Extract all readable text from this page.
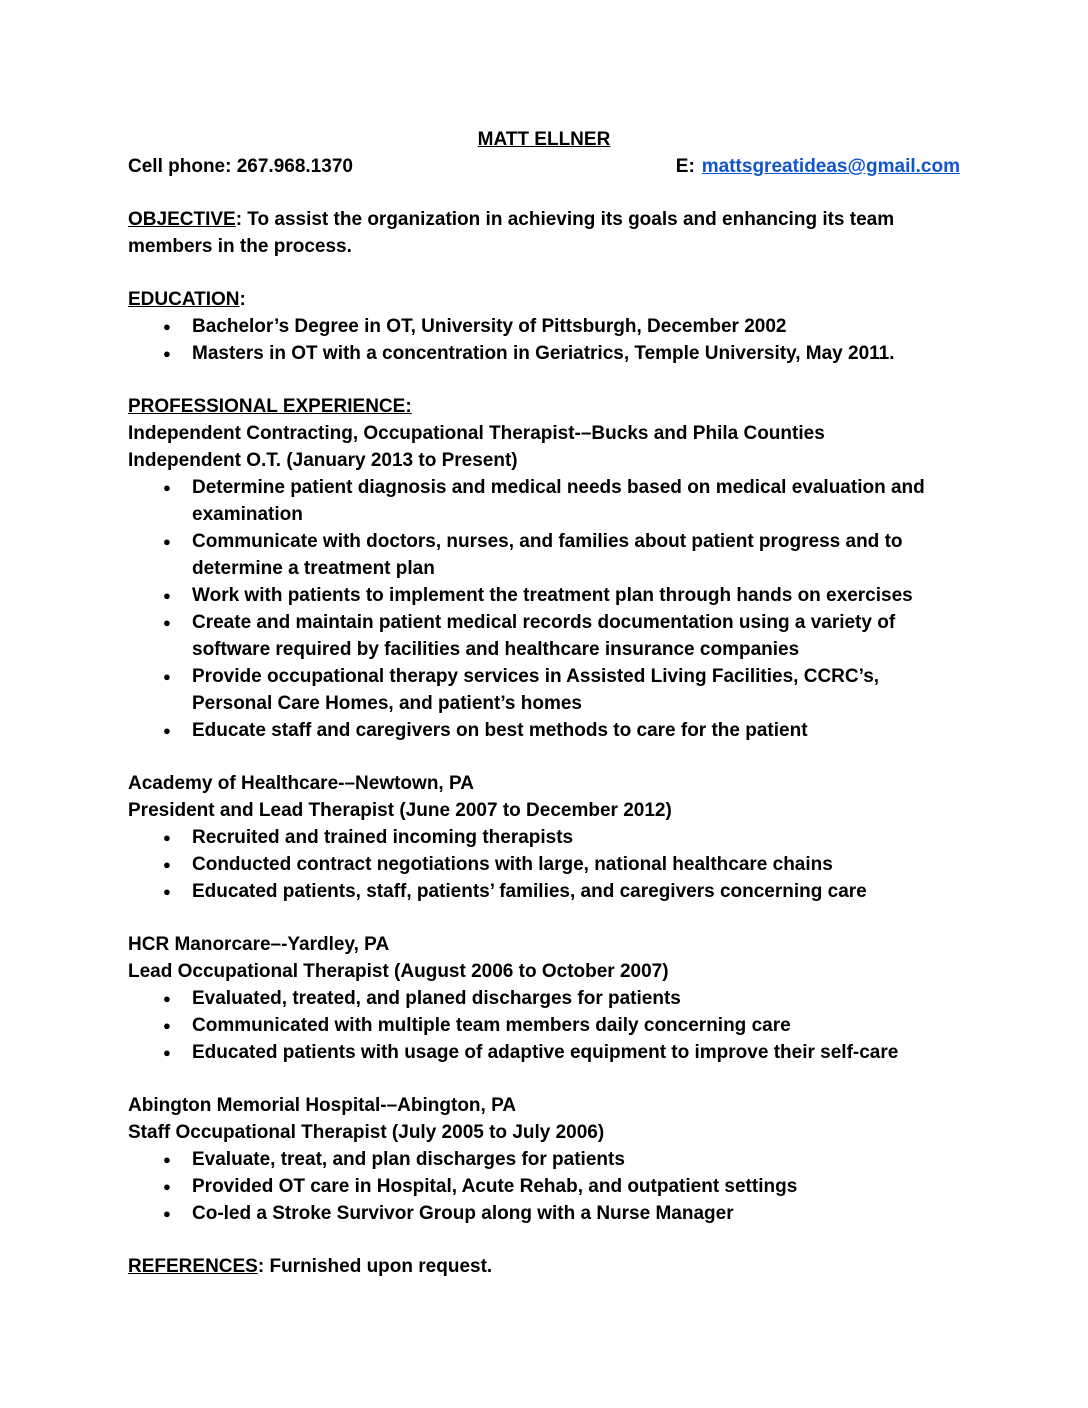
MATT ELLNER
Cell phone: 267.968.1370	E: mattsgreatideas@gmail.com

OBJECTIVE: To assist the organization in achieving its goals and enhancing its team members in the process.

EDUCATION:

●	Bachelor’s Degree in OT, University of Pittsburgh, December 2002
●	Masters in OT with a concentration in Geriatrics, Temple University, May 2011.

PROFESSIONAL EXPERIENCE:

Independent Contracting, Occupational Therapist-–Bucks and Phila Counties

Independent O.T. (January 2013 to Present)

●	Determine patient diagnosis and medical needs based on medical evaluation and examination
●	Communicate with doctors, nurses, and families about patient progress and to determine a treatment plan
●	Work with patients to implement the treatment plan through hands on exercises
●	Create and maintain patient medical records documentation using a variety of software required by facilities and healthcare insurance companies
●	Provide occupational therapy services in Assisted Living Facilities, CCRC’s, Personal Care Homes, and patient’s homes
●	Educate staff and caregivers on best methods to care for the patient

Academy of Healthcare-–Newtown, PA

President and Lead Therapist (June 2007 to December 2012)

●	Recruited and trained incoming therapists
●	Conducted contract negotiations with large, national healthcare chains
●	Educated patients, staff, patients’ families, and caregivers concerning care

HCR Manorcare–-Yardley, PA

Lead Occupational Therapist (August 2006 to October 2007)

●	Evaluated, treated, and planed discharges for patients
●	Communicated with multiple team members daily concerning care
●	Educated patients with usage of adaptive equipment to improve their self-care

Abington Memorial Hospital-–Abington, PA

Staff Occupational Therapist (July 2005 to July 2006)

●	Evaluate, treat, and plan discharges for patients
●	Provided OT care in Hospital, Acute Rehab, and outpatient settings
●	Co-led a Stroke Survivor Group along with a Nurse Manager

REFERENCES: Furnished upon request.
